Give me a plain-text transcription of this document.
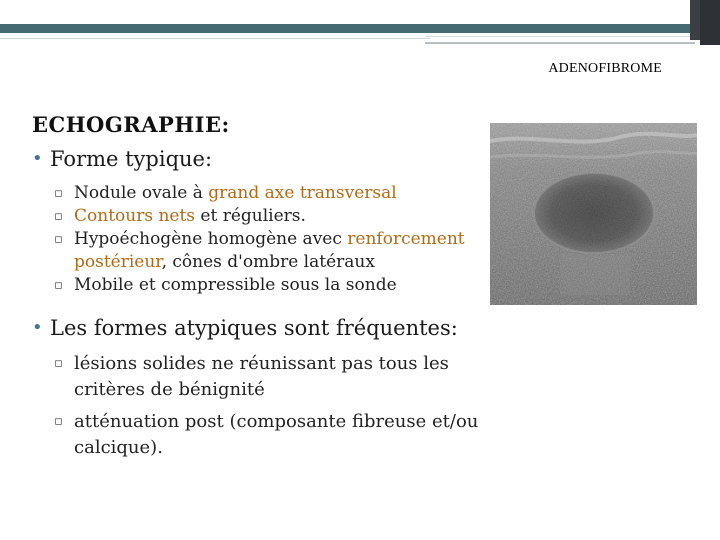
ADENOFIBROME
ECHOGRAPHIE:
• Forme typique:
▫ Nodule ovale à grand axe transversal
▫ Contours nets et réguliers.
▫ Hypoéchogène homogène avec renforcement postérieur, cônes d'ombre latéraux
▫ Mobile et compressible sous la sonde
• Les formes atypiques sont fréquentes:
▫ lésions solides ne réunissant pas tous les critères de bénignité
▫ atténuation post (composante fibreuse et/ou calcique).
